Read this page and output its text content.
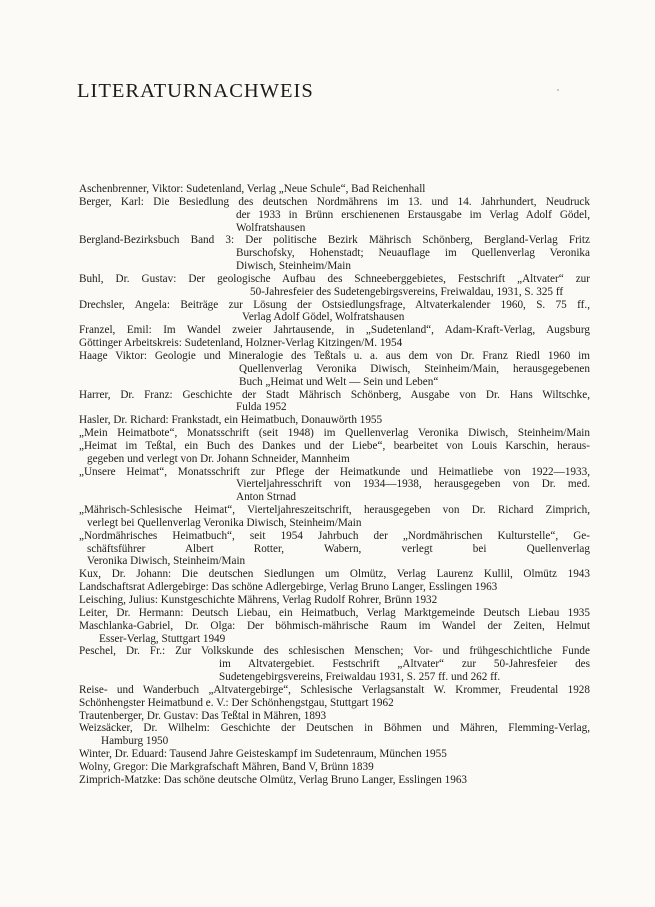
LITERATURNACHWEIS
Aschenbrenner, Viktor: Sudetenland, Verlag „Neue Schule“, Bad Reichenhall
Berger, Karl: Die Besiedlung des deutschen Nordmährens im 13. und 14. Jahrhundert, Neudruck
der 1933 in Brünn erschienenen Erstausgabe im Verlag Adolf Gödel,
Wolfratshausen
Bergland-Bezirksbuch Band 3: Der politische Bezirk Mährisch Schönberg, Bergland-Verlag Fritz
Burschofsky, Hohenstadt; Neuauflage im Quellenverlag Veronika
Diwisch, Steinheim/Main
Buhl, Dr. Gustav: Der geologische Aufbau des Schneeberggebietes, Festschrift „Altvater“ zur
50-Jahresfeier des Sudetengebirgsvereins, Freiwaldau, 1931, S. 325 ff
Drechsler, Angela: Beiträge zur Lösung der Ostsiedlungsfrage, Altvaterkalender 1960, S. 75 ff.,
Verlag Adolf Gödel, Wolfratshausen
Franzel, Emil: Im Wandel zweier Jahrtausende, in „Sudetenland“, Adam-Kraft-Verlag, Augsburg
Göttinger Arbeitskreis: Sudetenland, Holzner-Verlag Kitzingen/M. 1954
Haage Viktor: Geologie und Mineralogie des Teßtals u. a. aus dem von Dr. Franz Riedl 1960 im
Quellenverlag Veronika Diwisch, Steinheim/Main, herausgegebenen
Buch „Heimat und Welt — Sein und Leben“
Harrer, Dr. Franz: Geschichte der Stadt Mährisch Schönberg, Ausgabe von Dr. Hans Wiltschke,
Fulda 1952
Hasler, Dr. Richard: Frankstadt, ein Heimatbuch, Donauwörth 1955
„Mein Heimatbote“, Monatsschrift (seit 1948) im Quellenverlag Veronika Diwisch, Steinheim/Main
„Heimat im Teßtal, ein Buch des Dankes und der Liebe“, bearbeitet von Louis Karschin, heraus-
gegeben und verlegt von Dr. Johann Schneider, Mannheim
„Unsere Heimat“, Monatsschrift zur Pflege der Heimatkunde und Heimatliebe von 1922—1933,
Vierteljahresschrift von 1934—1938, herausgegeben von Dr. med.
Anton Strnad
„Mährisch-Schlesische Heimat“, Vierteljahreszeitschrift, herausgegeben von Dr. Richard Zimprich,
verlegt bei Quellenverlag Veronika Diwisch, Steinheim/Main
„Nordmährisches Heimatbuch“, seit 1954 Jahrbuch der „Nordmährischen Kulturstelle“, Ge-
schäftsführer Albert Rotter, Wabern, verlegt bei Quellenverlag
Veronika Diwisch, Steinheim/Main
Kux, Dr. Johann: Die deutschen Siedlungen um Olmütz, Verlag Laurenz Kullil, Olmütz 1943
Landschaftsrat Adlergebirge: Das schöne Adlergebirge, Verlag Bruno Langer, Esslingen 1963
Leisching, Julius: Kunstgeschichte Mährens, Verlag Rudolf Rohrer, Brünn 1932
Leiter, Dr. Hermann: Deutsch Liebau, ein Heimatbuch, Verlag Marktgemeinde Deutsch Liebau 1935
Maschlanka-Gabriel, Dr. Olga: Der böhmisch-mährische Raum im Wandel der Zeiten, Helmut
Esser-Verlag, Stuttgart 1949
Peschel, Dr. Fr.: Zur Volkskunde des schlesischen Menschen; Vor- und frühgeschichtliche Funde
im Altvatergebiet. Festschrift „Altvater“ zur 50-Jahresfeier des
Sudetengebirgsvereins, Freiwaldau 1931, S. 257 ff. und 262 ff.
Reise- und Wanderbuch „Altvatergebirge“, Schlesische Verlagsanstalt W. Krommer, Freudental 1928
Schönhengster Heimatbund e. V.: Der Schönhengstgau, Stuttgart 1962
Trautenberger, Dr. Gustav: Das Teßtal in Mähren, 1893
Weizsäcker, Dr. Wilhelm: Geschichte der Deutschen in Böhmen und Mähren, Flemming-Verlag,
Hamburg 1950
Winter, Dr. Eduard: Tausend Jahre Geisteskampf im Sudetenraum, München 1955
Wolny, Gregor: Die Markgrafschaft Mähren, Band V, Brünn 1839
Zimprich-Matzke: Das schöne deutsche Olmütz, Verlag Bruno Langer, Esslingen 1963
